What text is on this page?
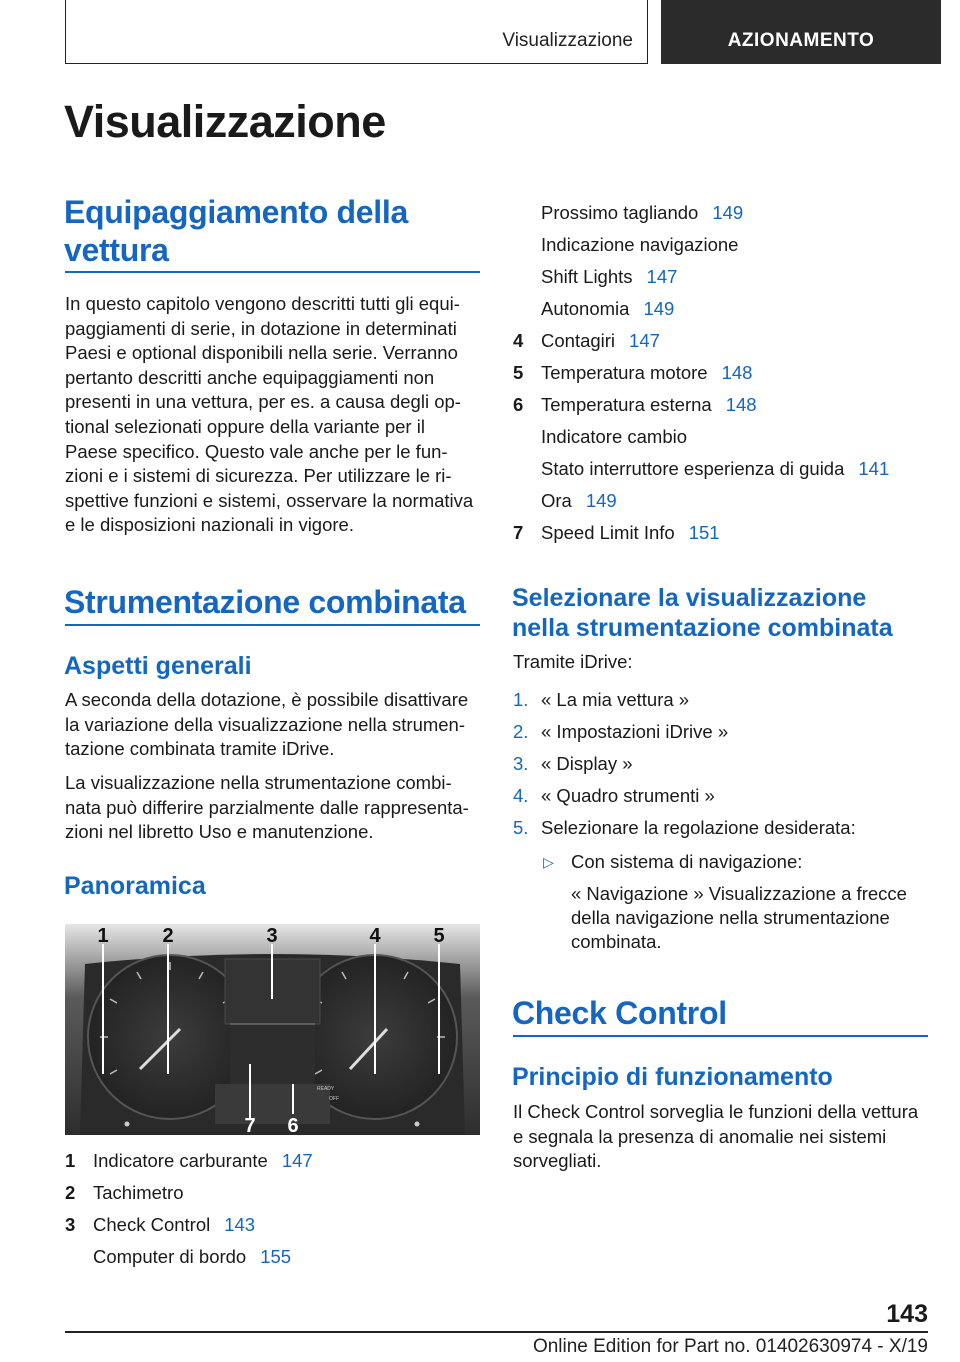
Visualizzazione	AZIONAMENTO
Visualizzazione
Equipaggiamento della
vettura
In questo capitolo vengono descritti tutti gli equi-
paggiamenti di serie, in dotazione in determinati
Paesi e optional disponibili nella serie. Verranno
pertanto descritti anche equipaggiamenti non
presenti in una vettura, per es. a causa degli op-
tional selezionati oppure della variante per il
Paese specifico. Questo vale anche per le fun-
zioni e i sistemi di sicurezza. Per utilizzare le ri-
spettive funzioni e sistemi, osservare la normativa
e le disposizioni nazionali in vigore.
Strumentazione combinata
Aspetti generali
A seconda della dotazione, è possibile disattivare
la variazione della visualizzazione nella strumen-
tazione combinata tramite iDrive.
La visualizzazione nella strumentazione combi-
nata può differire parzialmente dalle rappresenta-
zioni nel libretto Uso e manutenzione.
Panoramica
1	2	3	4	5
7 6
READY
OFF
1 Indicatore carburante 147
2 Tachimetro
3 Check Control 143
Computer di bordo 155
Prossimo tagliando 149
Indicazione navigazione
Shift Lights 147
Autonomia 149
4 Contagiri 147
5 Temperatura motore 148
6 Temperatura esterna 148
Indicatore cambio
Stato interruttore esperienza di guida 141
Ora 149
7 Speed Limit Info 151
Selezionare la visualizzazione
nella strumentazione combinata
Tramite iDrive:
1. « La mia vettura »
2. « Impostazioni iDrive »
3. « Display »
4. « Quadro strumenti »
5. Selezionare la regolazione desiderata:
▷ Con sistema di navigazione:
« Navigazione » Visualizzazione a frecce
della navigazione nella strumentazione
combinata.
Check Control
Principio di funzionamento
Il Check Control sorveglia le funzioni della vettura
e segnala la presenza di anomalie nei sistemi
sorvegliati.
143
Online Edition for Part no. 01402630974 - X/19
